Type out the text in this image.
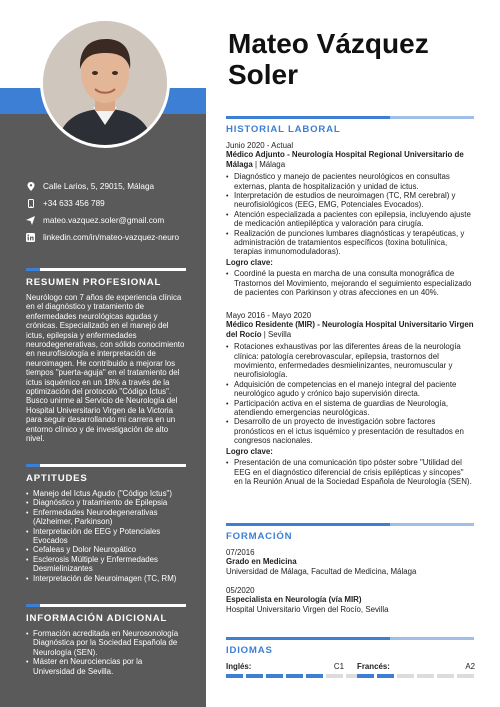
Calle Larios, 5, 29015, Málaga
+34 633 456 789
mateo.vazquez.soler@gmail.com
linkedin.com/in/mateo-vazquez-neuro
RESUMEN PROFESIONAL
Neurólogo con 7 años de experiencia clínica en el diagnóstico y tratamiento de enfermedades neurológicas agudas y crónicas. Especializado en el manejo del ictus, epilepsia y enfermedades neurodegenerativas, con sólido conocimiento en neurofisiología e interpretación de neuroimagen. He contribuido a mejorar los tiempos "puerta-aguja" en el tratamiento del ictus isquémico en un 18% a través de la optimización del protocolo "Código Ictus". Busco unirme al Servicio de Neurología del Hospital Universitario Virgen de la Victoria para seguir desarrollando mi carrera en un entorno clínico y de investigación de alto nivel.
APTITUDES
• Manejo del Ictus Agudo ("Código Ictus")
• Diagnóstico y tratamiento de Epilepsia
• Enfermedades Neurodegenerativas (Alzheimer, Parkinson)
• Interpretación de EEG y Potenciales Evocados
• Cefaleas y Dolor Neuropático
• Esclerosis Múltiple y Enfermedades Desmielinizantes
• Interpretación de Neuroimagen (TC, RM)
INFORMACIÓN ADICIONAL
• Formación acreditada en Neurosonología Diagnóstica por la Sociedad Española de Neurología (SEN).
• Máster en Neurociencias por la Universidad de Sevilla.
Mateo Vázquez
Soler
HISTORIAL LABORAL
Junio 2020 - Actual
Médico Adjunto - Neurología Hospital Regional Universitario de Málaga | Málaga
• Diagnóstico y manejo de pacientes neurológicos en consultas externas, planta de hospitalización y unidad de ictus.
• Interpretación de estudios de neuroimagen (TC, RM cerebral) y neurofisiológicos (EEG, EMG, Potenciales Evocados).
• Atención especializada a pacientes con epilepsia, incluyendo ajuste de medicación antiepiléptica y valoración para cirugía.
• Realización de punciones lumbares diagnósticas y terapéuticas, y administración de tratamientos específicos (toxina botulínica, terapias inmunomoduladoras).
Logro clave:
• Coordiné la puesta en marcha de una consulta monográfica de Trastornos del Movimiento, mejorando el seguimiento especializado de pacientes con Parkinson y otras afecciones en un 40%.
Mayo 2016 - Mayo 2020
Médico Residente (MIR) - Neurología Hospital Universitario Virgen del Rocío | Sevilla
• Rotaciones exhaustivas por las diferentes áreas de la neurología clínica: patología cerebrovascular, epilepsia, trastornos del movimiento, enfermedades desmielinizantes, neuromuscular y neurofisiología.
• Adquisición de competencias en el manejo integral del paciente neurológico agudo y crónico bajo supervisión directa.
• Participación activa en el sistema de guardias de Neurología, atendiendo emergencias neurológicas.
• Desarrollo de un proyecto de investigación sobre factores pronósticos en el ictus isquémico y presentación de resultados en congresos nacionales.
Logro clave:
• Presentación de una comunicación tipo póster sobre "Utilidad del EEG en el diagnóstico diferencial de crisis epilépticas y síncopes" en la Reunión Anual de la Sociedad Española de Neurología (SEN).
FORMACIÓN
07/2016
Grado en Medicina
Universidad de Málaga, Facultad de Medicina, Málaga
05/2020
Especialista en Neurología (vía MIR)
Hospital Universitario Virgen del Rocío, Sevilla
IDIOMAS
Inglés:	C1 Francés:	A2
